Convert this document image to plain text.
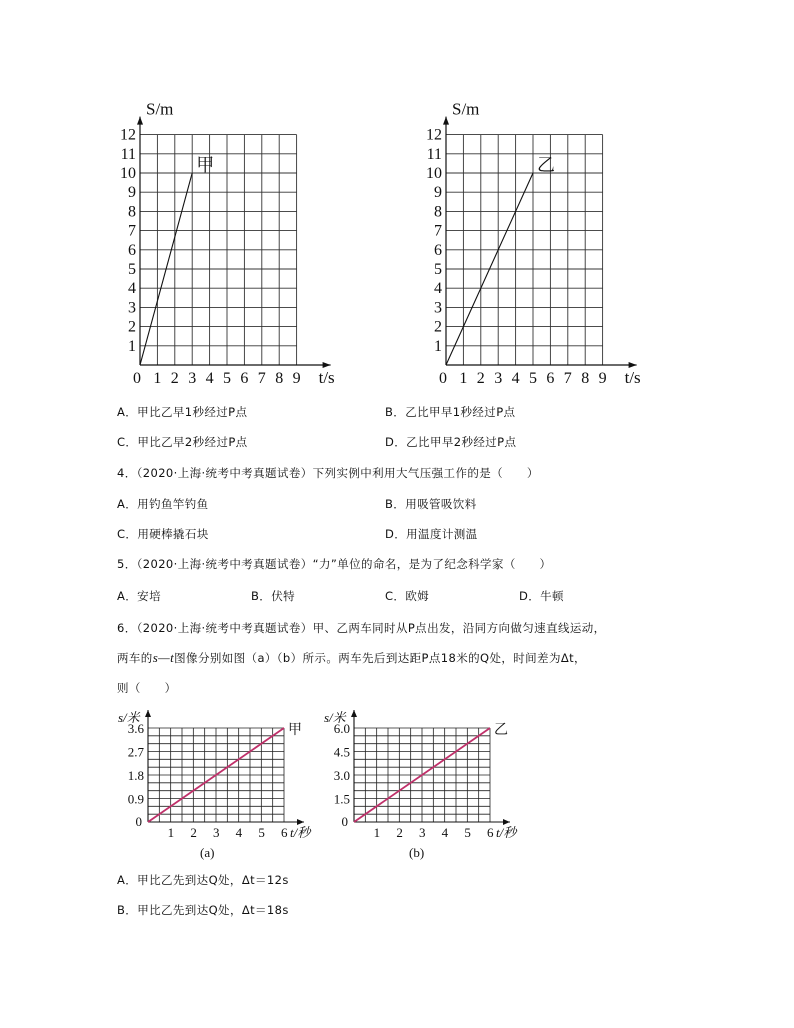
S/m
t/s
0 1 2 3 4 5 6 7 8 9
1
2
3
4
5
6
7
8
9
10
11
12
甲
S/m
t/s
0 1 2 3 4 5 6 7 8 9
1
2
3
4
5
6
7
8
9
10
11
12
乙
A．甲比乙早1秒经过P点	B．乙比甲早1秒经过P点
C．甲比乙早2秒经过P点	D．乙比甲早2秒经过P点
4．（2020·上海·统考中考真题试卷）下列实例中利用大气压强工作的是（　　）
A．用钓鱼竿钓鱼	B．用吸管吸饮料
C．用硬棒撬石块	D．用温度计测温
5．（2020·上海·统考中考真题试卷）“力”单位的命名，是为了纪念科学家（　　）
A．安培	B．伏特	C．欧姆	D．牛顿
6．（2020·上海·统考中考真题试卷）甲、乙两车同时从P点出发，沿同方向做匀速直线运动，
两车的s—t图像分别如图（a）（b）所示。两车先后到达距P点18米的Q处，时间差为Δt，
则（　　）
s/米
t/秒
0
1 2 3 4 5 6
0.9
1.8
2.7
3.6	甲
s/米
t/秒
0
1 2 3 4 5 6
1.5
3.0
4.5
6.0	乙
(a)	(b)
A．甲比乙先到达Q处，Δt＝12s
B．甲比乙先到达Q处，Δt＝18s
